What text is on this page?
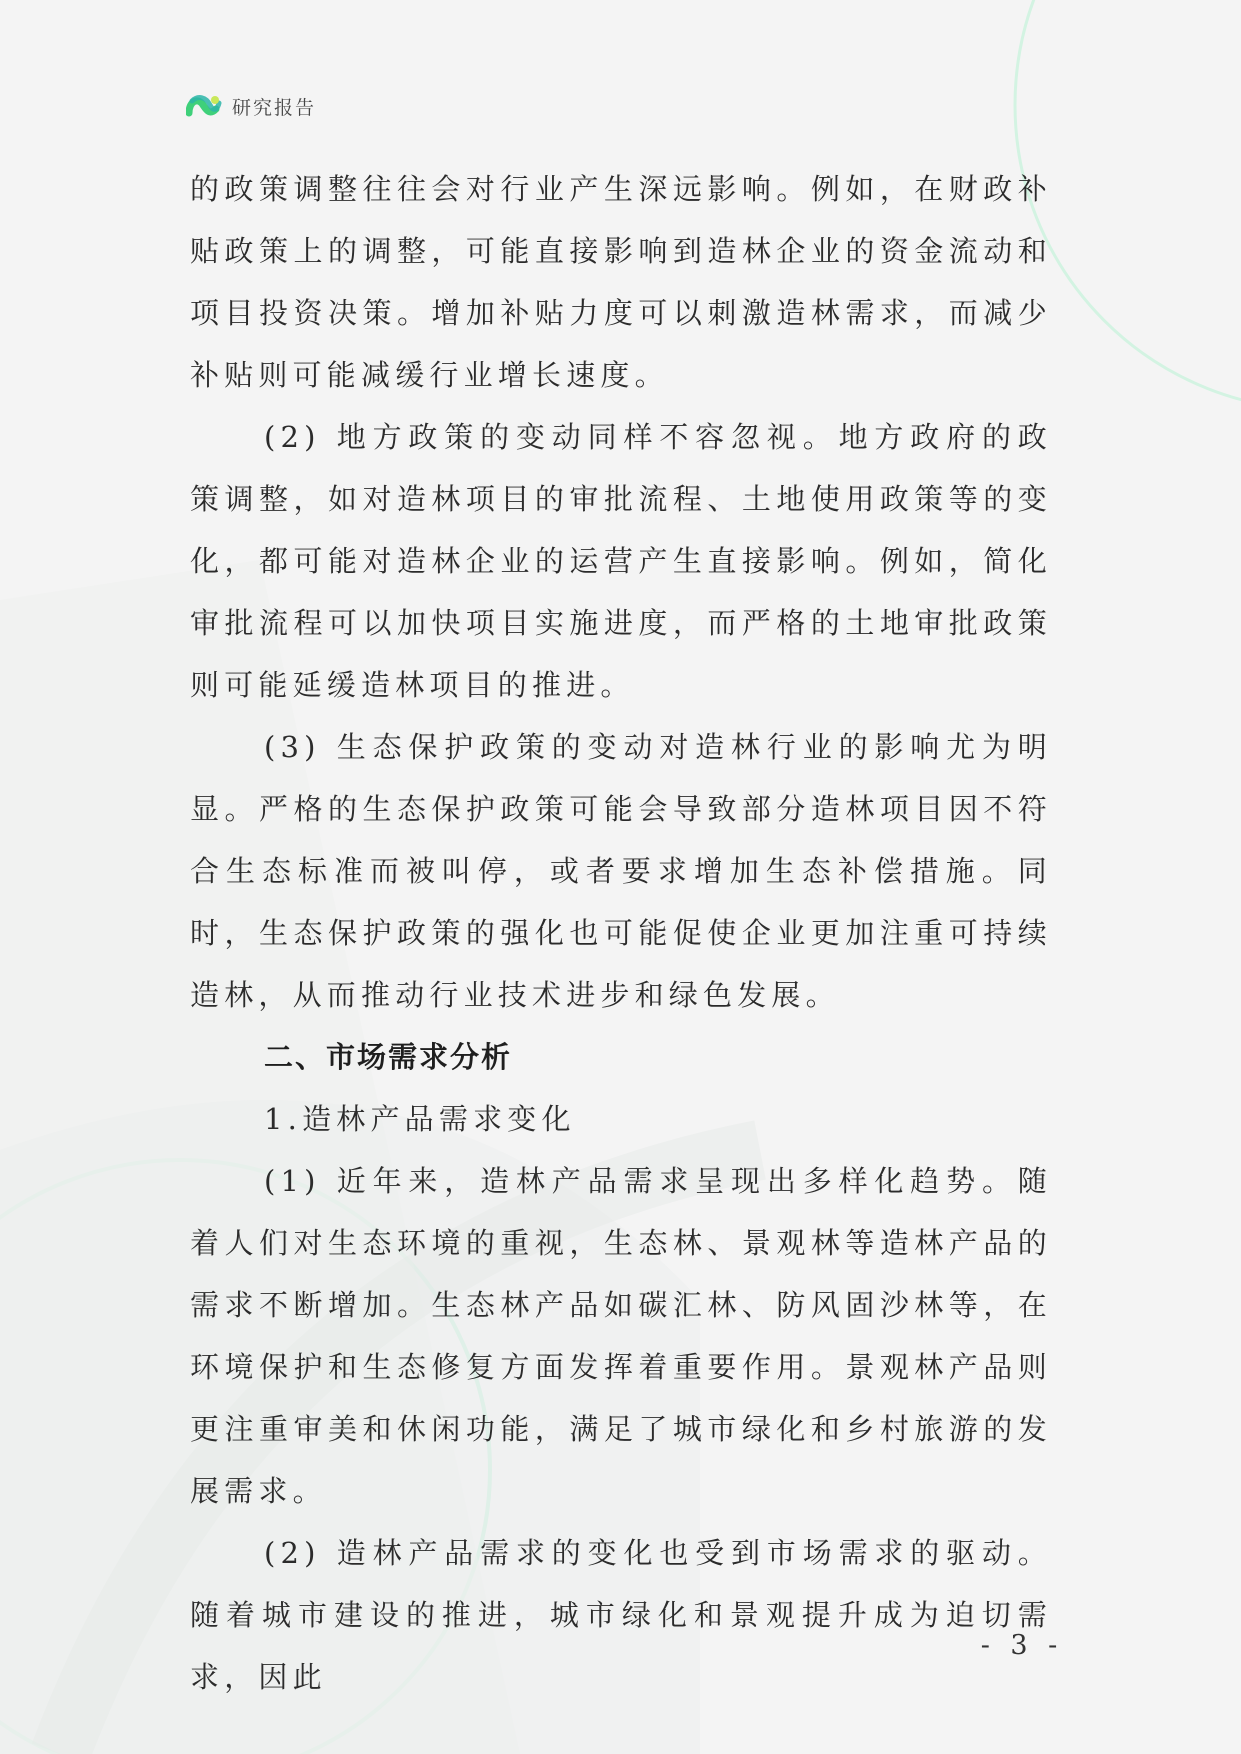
研究报告

的政策调整往往会对行业产生深远影响。例如，在财政补贴政策上的调整，可能直接影响到造林企业的资金流动和项目投资决策。增加补贴力度可以刺激造林需求，而减少补贴则可能减缓行业增长速度。

(2) 地方政策的变动同样不容忽视。地方政府的政策调整，如对造林项目的审批流程、土地使用政策等的变化，都可能对造林企业的运营产生直接影响。例如，简化审批流程可以加快项目实施进度，而严格的土地审批政策则可能延缓造林项目的推进。

(3) 生态保护政策的变动对造林行业的影响尤为明显。严格的生态保护政策可能会导致部分造林项目因不符合生态标准而被叫停，或者要求增加生态补偿措施。同时，生态保护政策的强化也可能促使企业更加注重可持续造林，从而推动行业技术进步和绿色发展。

二、市场需求分析

1.造林产品需求变化

(1) 近年来，造林产品需求呈现出多样化趋势。随着人们对生态环境的重视，生态林、景观林等造林产品的需求不断增加。生态林产品如碳汇林、防风固沙林等，在环境保护和生态修复方面发挥着重要作用。景观林产品则更注重审美和休闲功能，满足了城市绿化和乡村旅游的发展需求。

(2) 造林产品需求的变化也受到市场需求的驱动。随着城市建设的推进，城市绿化和景观提升成为迫切需求，因此

- 3 -
